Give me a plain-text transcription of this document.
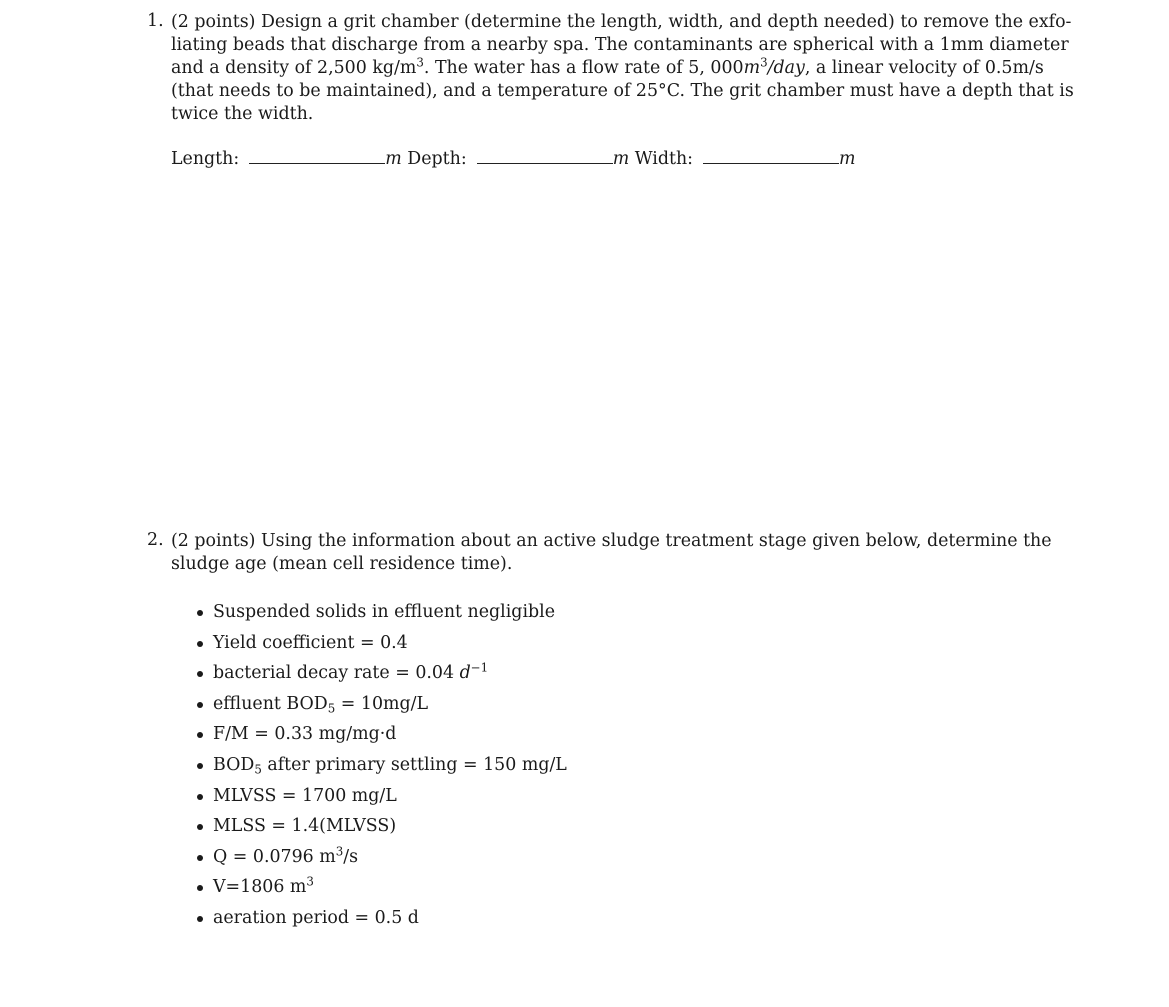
1. (2 points) Design a grit chamber (determine the length, width, and depth needed) to remove the exfo-
liating beads that discharge from a nearby spa. The contaminants are spherical with a 1mm diameter
and a density of 2,500 $kg/m^3$. The water has a flow rate of 5, $000m^3$/day, a linear velocity of 0.5m/s
(that needs to be maintained), and a temperature of 25°C. The grit chamber must have a depth that is
twice the width.
Length:	m Depth:	m Width:	m
2. (2 points) Using the information about an active sludge treatment stage given below, determine the
sludge age (mean cell residence time).
Suspended solids in effluent negligible
Yield coefficient = 0.4
bacterial decay rate = 0.04 $d^{-1}$
effluent $BOD_5 = 10mg/L$
F/M = 0.33 mg/mg·d
$BOD_5$ after primary settling = 150 mg/L
MLVSS = 1700 mg/L
MLSS = 1.4(MLVSS)
Q = 0.0796 $m^3/s$
V=1806 $m^3$
aeration period = 0.5 d
